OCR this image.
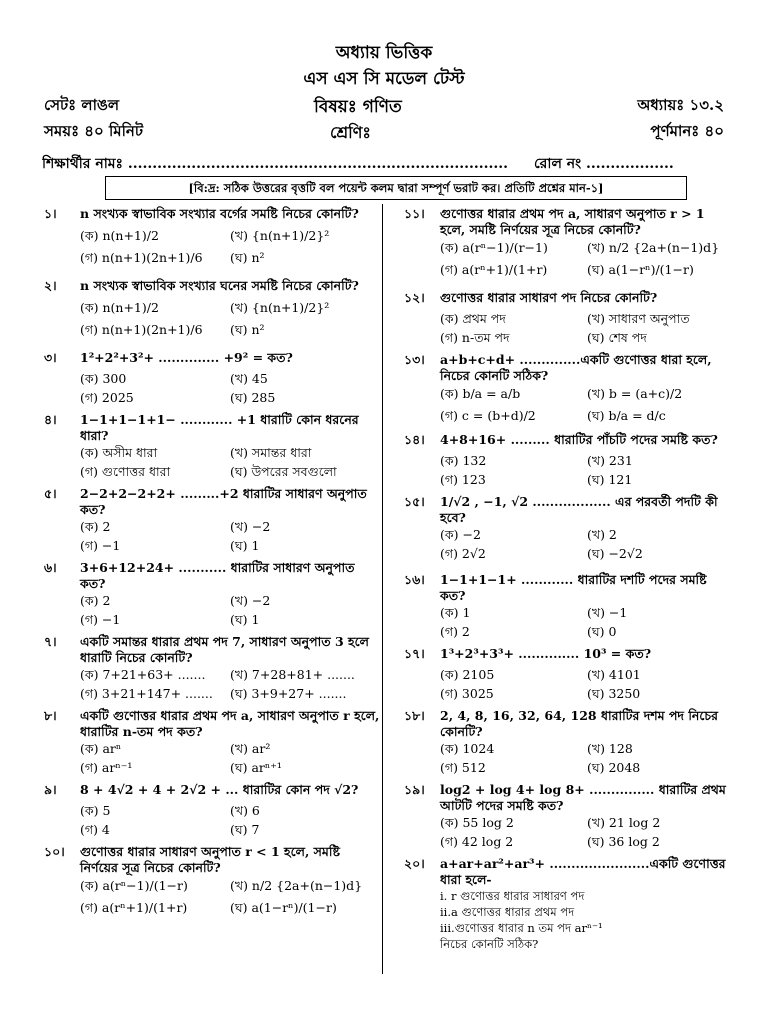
অধ্যায় ভিত্তিক
এস এস সি মডেল টেস্ট
সেটঃ লাঙল	বিষয়ঃ গণিত	অধ্যায়ঃ ১৩.২
সময়ঃ ৪০ মিনিট	শ্রেণিঃ	পূর্ণমানঃ ৪০
শিক্ষার্থীর নামঃ .............................................................................. রোল নং ..................
[বি:দ্র: সঠিক উত্তরের বৃত্তটি বল পয়েন্ট কলম দ্বারা সম্পূর্ণ ভরাট কর। প্রতিটি প্রশ্নের মান-১]
১।	n সংখ্যক স্বাভাবিক সংখ্যার বর্গের সমষ্টি নিচের কোনটি?
(ক) n(n+1)/2	(খ) {n(n+1)/2}²
(গ) n(n+1)(2n+1)/6	(ঘ) n²
২।	n সংখ্যক স্বাভাবিক সংখ্যার ঘনের সমষ্টি নিচের কোনটি?
(ক) n(n+1)/2	(খ) {n(n+1)/2}²
(গ) n(n+1)(2n+1)/6	(ঘ) n²
৩।	1²+2²+3²+ .............. +9² = কত?
(ক) 300	(খ) 45
(গ) 2025	(ঘ) 285
৪।	1−1+1−1+1− ............ +1 ধারাটি কোন ধরনের ধারা?
(ক) অসীম ধারা	(খ) সমান্তর ধারা
(গ) গুণোত্তর ধারা	(ঘ) উপরের সবগুলো
৫।	2−2+2−2+2+ .........+2 ধারাটির সাধারণ অনুপাত কত?
(ক) 2	(খ) −2
(গ) −1	(ঘ) 1
৬।	3+6+12+24+ ........... ধারাটির সাধারণ অনুপাত কত?
(ক) 2	(খ) −2
(গ) −1	(ঘ) 1
৭।	একটি সমান্তর ধারার প্রথম পদ 7, সাধারণ অনুপাত 3 হলে ধারাটি নিচের কোনটি?
(ক) 7+21+63+ .......	(খ) 7+28+81+ .......
(গ) 3+21+147+ .......	(ঘ) 3+9+27+ .......
৮।	একটি গুণোত্তর ধারার প্রথম পদ a, সাধারণ অনুপাত r হলে, ধারাটির n-তম পদ কত?
(ক) arⁿ	(খ) ar²
(গ) arⁿ⁻¹	(ঘ) arⁿ⁺¹
৯।	8 + 4√2 + 4 + 2√2 + ... ধারাটির কোন পদ √2?
(ক) 5	(খ) 6
(গ) 4	(ঘ) 7
১০।	গুণোত্তর ধারার সাধারণ অনুপাত r < 1 হলে, সমষ্টি নির্ণয়ের সূত্র নিচের কোনটি?
(ক) a(rⁿ−1)/(1−r)	(খ) n/2 {2a+(n−1)d}
(গ) a(rⁿ+1)/(1+r)	(ঘ) a(1−rⁿ)/(1−r)
১১।	গুণোত্তর ধারার প্রথম পদ a, সাধারণ অনুপাত r > 1 হলে, সমষ্টি নির্ণয়ের সূত্র নিচের কোনটি?
(ক) a(rⁿ−1)/(r−1)	(খ) n/2 {2a+(n−1)d}
(গ) a(rⁿ+1)/(1+r)	(ঘ) a(1−rⁿ)/(1−r)
১২।	গুণোত্তর ধারার সাধারণ পদ নিচের কোনটি?
(ক) প্রথম পদ	(খ) সাধারণ অনুপাত
(গ) n-তম পদ	(ঘ) শেষ পদ
১৩।	a+b+c+d+ ..............একটি গুণোত্তর ধারা হলে, নিচের কোনটি সঠিক?
(ক) b/a = a/b	(খ) b = (a+c)/2
(গ) c = (b+d)/2	(ঘ) b/a = d/c
১৪।	4+8+16+ ......... ধারাটির পাঁচটি পদের সমষ্টি কত?
(ক) 132	(খ) 231
(গ) 123	(ঘ) 121
১৫।	1/√2 , −1, √2 .................. এর পরবর্তী পদটি কী হবে?
(ক) −2	(খ) 2
(গ) 2√2	(ঘ) −2√2
১৬।	1−1+1−1+ ............ ধারাটির দশটি পদের সমষ্টি কত?
(ক) 1	(খ) −1
(গ) 2	(ঘ) 0
১৭।	1³+2³+3³+ .............. 10³ = কত?
(ক) 2105	(খ) 4101
(গ) 3025	(ঘ) 3250
১৮।	2, 4, 8, 16, 32, 64, 128 ধারাটির দশম পদ নিচের কোনটি?
(ক) 1024	(খ) 128
(গ) 512	(ঘ) 2048
১৯।	log2 + log 4+ log 8+ ............... ধারাটির প্রথম আটটি পদের সমষ্টি কত?
(ক) 55 log 2	(খ) 21 log 2
(গ) 42 log 2	(ঘ) 36 log 2
২০।	a+ar+ar²+ar³+ .......................একটি গুণোত্তর ধারা হলে-
i. r গুণোত্তর ধারার সাধারণ পদ
ii.a গুণোত্তর ধারার প্রথম পদ
iii.গুণোত্তর ধারার n তম পদ arⁿ⁻¹
নিচের কোনটি সঠিক?
